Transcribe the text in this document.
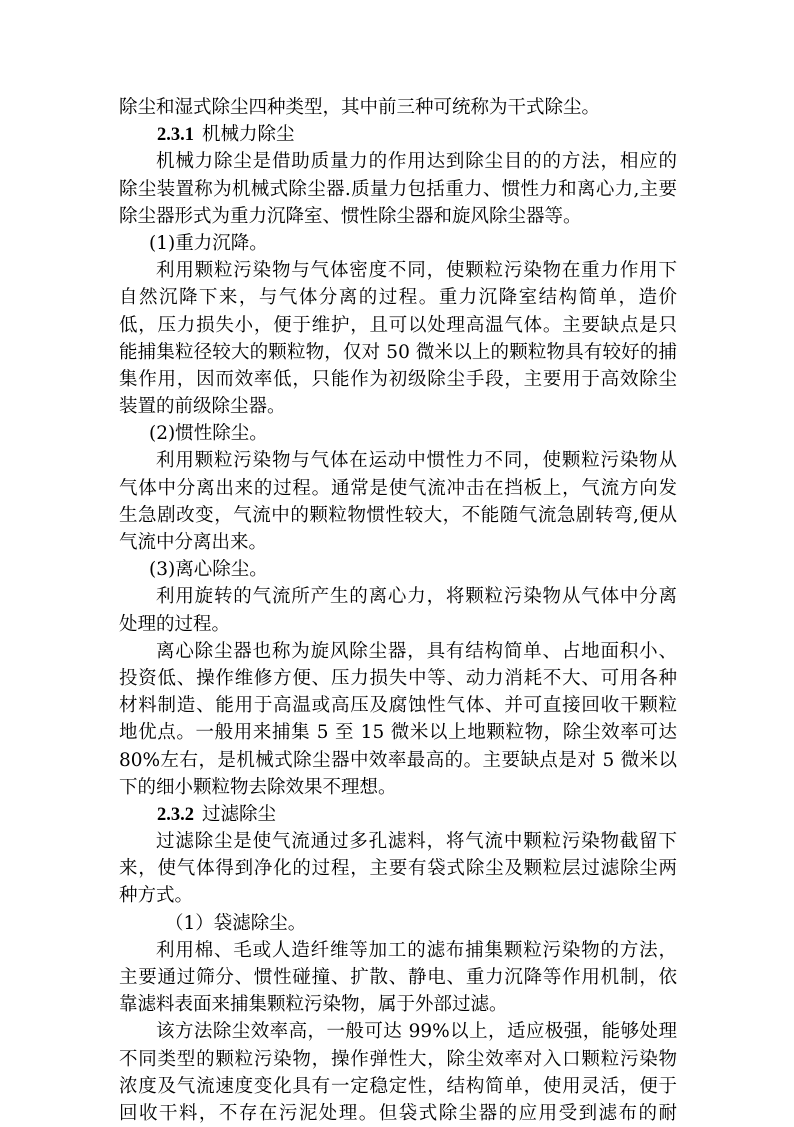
除尘和湿式除尘四种类型，其中前三种可统称为干式除尘。
2.3.1 机械力除尘
机械力除尘是借助质量力的作用达到除尘目的的方法，相应的
除尘装置称为机械式除尘器.质量力包括重力、惯性力和离心力,主要
除尘器形式为重力沉降室、惯性除尘器和旋风除尘器等。
(1)重力沉降。
利用颗粒污染物与气体密度不同，使颗粒污染物在重力作用下
自然沉降下来，与气体分离的过程。重力沉降室结构简单，造价
低，压力损失小，便于维护，且可以处理高温气体。主要缺点是只
能捕集粒径较大的颗粒物，仅对 50 微米以上的颗粒物具有较好的捕
集作用，因而效率低，只能作为初级除尘手段，主要用于高效除尘
装置的前级除尘器。
(2)惯性除尘。
利用颗粒污染物与气体在运动中惯性力不同，使颗粒污染物从
气体中分离出来的过程。通常是使气流冲击在挡板上，气流方向发
生急剧改变，气流中的颗粒物惯性较大，不能随气流急剧转弯,便从
气流中分离出来。
(3)离心除尘。
利用旋转的气流所产生的离心力，将颗粒污染物从气体中分离
处理的过程。
离心除尘器也称为旋风除尘器，具有结构简单、占地面积小、
投资低、操作维修方便、压力损失中等、动力消耗不大、可用各种
材料制造、能用于高温或高压及腐蚀性气体、并可直接回收干颗粒
地优点。一般用来捕集 5 至 15 微米以上地颗粒物，除尘效率可达
80%左右，是机械式除尘器中效率最高的。主要缺点是对 5 微米以
下的细小颗粒物去除效果不理想。
2.3.2 过滤除尘
过滤除尘是使气流通过多孔滤料，将气流中颗粒污染物截留下
来，使气体得到净化的过程，主要有袋式除尘及颗粒层过滤除尘两
种方式。
（1）袋滤除尘。
利用棉、毛或人造纤维等加工的滤布捕集颗粒污染物的方法，
主要通过筛分、惯性碰撞、扩散、静电、重力沉降等作用机制，依
靠滤料表面来捕集颗粒污染物，属于外部过滤。
该方法除尘效率高，一般可达 99%以上，适应极强，能够处理
不同类型的颗粒污染物，操作弹性大，除尘效率对入口颗粒污染物
浓度及气流速度变化具有一定稳定性，结构简单，使用灵活，便于
回收干料，不存在污泥处理。但袋式除尘器的应用受到滤布的耐
